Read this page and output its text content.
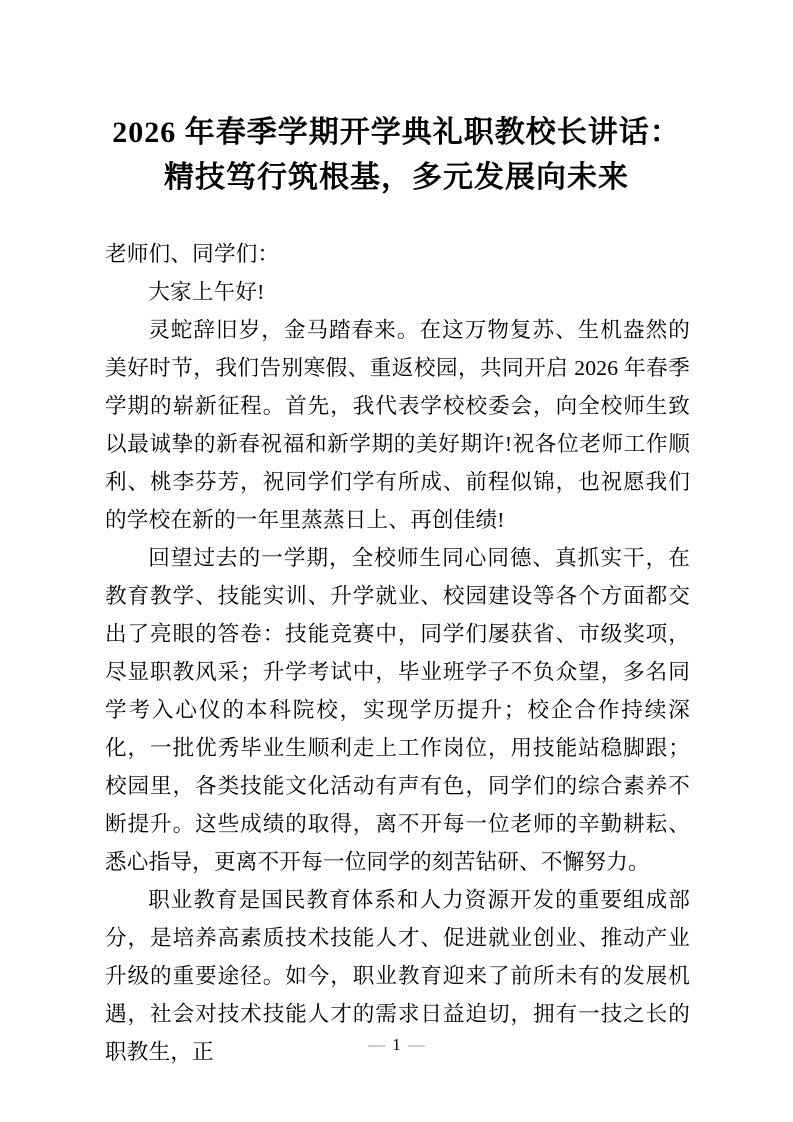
2026 年春季学期开学典礼职教校长讲话：
精技笃行筑根基，多元发展向未来

老师们、同学们：

大家上午好!

灵蛇辞旧岁，金马踏春来。在这万物复苏、生机盎然的美好时节，我们告别寒假、重返校园，共同开启 2026 年春季学期的崭新征程。首先，我代表学校校委会，向全校师生致以最诚挚的新春祝福和新学期的美好期许!祝各位老师工作顺利、桃李芬芳，祝同学们学有所成、前程似锦，也祝愿我们的学校在新的一年里蒸蒸日上、再创佳绩!

回望过去的一学期，全校师生同心同德、真抓实干，在教育教学、技能实训、升学就业、校园建设等各个方面都交出了亮眼的答卷：技能竞赛中，同学们屡获省、市级奖项，尽显职教风采；升学考试中，毕业班学子不负众望，多名同学考入心仪的本科院校，实现学历提升；校企合作持续深化，一批优秀毕业生顺利走上工作岗位，用技能站稳脚跟；校园里，各类技能文化活动有声有色，同学们的综合素养不断提升。这些成绩的取得，离不开每一位老师的辛勤耕耘、悉心指导，更离不开每一位同学的刻苦钻研、不懈努力。

职业教育是国民教育体系和人力资源开发的重要组成部分，是培养高素质技术技能人才、促进就业创业、推动产业升级的重要途径。如今，职业教育迎来了前所未有的发展机遇，社会对技术技能人才的需求日益迫切，拥有一技之长的职教生，正	— 1 —
